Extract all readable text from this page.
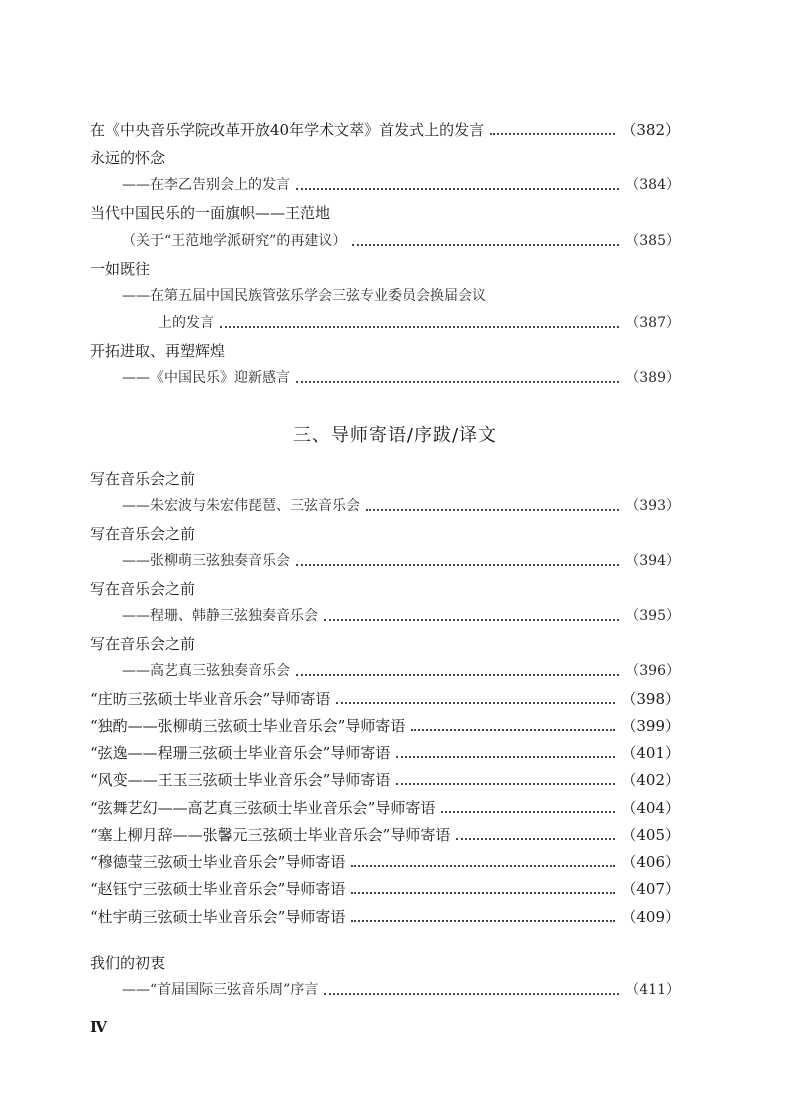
在《中央音乐学院改革开放40年学术文萃》首发式上的发言	（382）
永远的怀念
——在李乙告别会上的发言	（384）
当代中国民乐的一面旗帜——王范地
（关于“王范地学派研究”的再建议）	（385）
一如既往
——在第五届中国民族管弦乐学会三弦专业委员会换届会议
上的发言	（387）
开拓进取、再塑辉煌
——《中国民乐》迎新感言	（389）
三、导师寄语/序跋/译文
写在音乐会之前
——朱宏波与朱宏伟琵琶、三弦音乐会	（393）
写在音乐会之前
——张柳萌三弦独奏音乐会	（394）
写在音乐会之前
——程珊、韩静三弦独奏音乐会	（395）
写在音乐会之前
——高艺真三弦独奏音乐会	（396）
“庄昉三弦硕士毕业音乐会”导师寄语	（398）
“独酌——张柳萌三弦硕士毕业音乐会”导师寄语	（399）
“弦逸——程珊三弦硕士毕业音乐会”导师寄语	（401）
“风变——王玉三弦硕士毕业音乐会”导师寄语	（402）
“弦舞艺幻——高艺真三弦硕士毕业音乐会”导师寄语	（404）
“塞上柳月辞——张馨元三弦硕士毕业音乐会”导师寄语	（405）
“穆德莹三弦硕士毕业音乐会”导师寄语	（406）
“赵钰宁三弦硕士毕业音乐会”导师寄语	（407）
“杜宇萌三弦硕士毕业音乐会”导师寄语	（409）
我们的初衷
——“首届国际三弦音乐周”序言	（411）
Ⅳ
